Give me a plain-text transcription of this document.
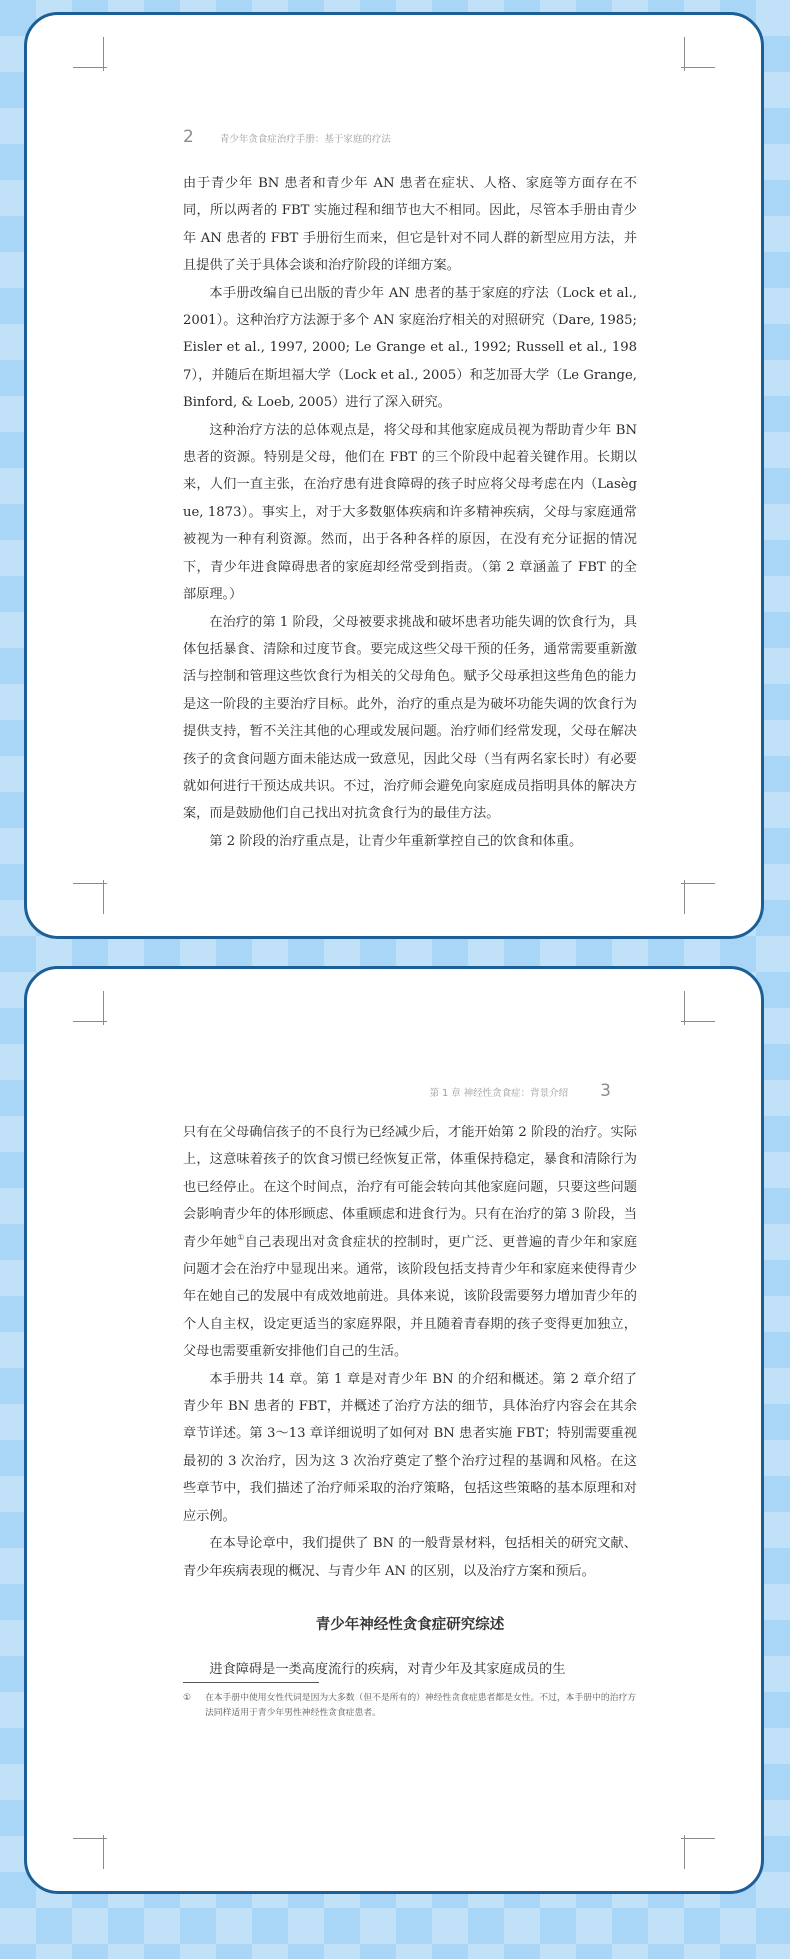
2	青少年贪食症治疗手册：基于家庭的疗法

由于青少年 BN 患者和青少年 AN 患者在症状、人格、家庭等方面存在不同，所以两者的 FBT 实施过程和细节也大不相同。因此，尽管本手册由青少年 AN 患者的 FBT 手册衍生而来，但它是针对不同人群的新型应用方法，并且提供了关于具体会谈和治疗阶段的详细方案。

本手册改编自已出版的青少年 AN 患者的基于家庭的疗法（Lock et al., 2001）。这种治疗方法源于多个 AN 家庭治疗相关的对照研究（Dare, 1985; Eisler et al., 1997, 2000; Le Grange et al., 1992; Russell et al., 1987），并随后在斯坦福大学（Lock et al., 2005）和芝加哥大学（Le Grange, Binford, & Loeb, 2005）进行了深入研究。

这种治疗方法的总体观点是，将父母和其他家庭成员视为帮助青少年 BN 患者的资源。特别是父母，他们在 FBT 的三个阶段中起着关键作用。长期以来，人们一直主张，在治疗患有进食障碍的孩子时应将父母考虑在内（Lasègue, 1873）。事实上，对于大多数躯体疾病和许多精神疾病，父母与家庭通常被视为一种有利资源。然而，出于各种各样的原因，在没有充分证据的情况下，青少年进食障碍患者的家庭却经常受到指责。（第 2 章涵盖了 FBT 的全部原理。）

在治疗的第 1 阶段，父母被要求挑战和破坏患者功能失调的饮食行为，具体包括暴食、清除和过度节食。要完成这些父母干预的任务，通常需要重新激活与控制和管理这些饮食行为相关的父母角色。赋予父母承担这些角色的能力是这一阶段的主要治疗目标。此外，治疗的重点是为破坏功能失调的饮食行为提供支持，暂不关注其他的心理或发展问题。治疗师们经常发现，父母在解决孩子的贪食问题方面未能达成一致意见，因此父母（当有两名家长时）有必要就如何进行干预达成共识。不过，治疗师会避免向家庭成员指明具体的解决方案，而是鼓励他们自己找出对抗贪食行为的最佳方法。

第 2 阶段的治疗重点是，让青少年重新掌控自己的饮食和体重。

第 1 章 神经性贪食症：背景介绍 3

只有在父母确信孩子的不良行为已经减少后，才能开始第 2 阶段的治疗。实际上，这意味着孩子的饮食习惯已经恢复正常，体重保持稳定，暴食和清除行为也已经停止。在这个时间点，治疗有可能会转向其他家庭问题，只要这些问题会影响青少年的体形顾虑、体重顾虑和进食行为。只有在治疗的第 3 阶段，当青少年她①自己表现出对贪食症状的控制时，更广泛、更普遍的青少年和家庭问题才会在治疗中显现出来。通常，该阶段包括支持青少年和家庭来使得青少年在她自己的发展中有成效地前进。具体来说，该阶段需要努力增加青少年的个人自主权，设定更适当的家庭界限，并且随着青春期的孩子变得更加独立，父母也需要重新安排他们自己的生活。

本手册共 14 章。第 1 章是对青少年 BN 的介绍和概述。第 2 章介绍了青少年 BN 患者的 FBT，并概述了治疗方法的细节，具体治疗内容会在其余章节详述。第 3～13 章详细说明了如何对 BN 患者实施 FBT；特别需要重视最初的 3 次治疗，因为这 3 次治疗奠定了整个治疗过程的基调和风格。在这些章节中，我们描述了治疗师采取的治疗策略，包括这些策略的基本原理和对应示例。

在本导论章中，我们提供了 BN 的一般背景材料，包括相关的研究文献、青少年疾病表现的概况、与青少年 AN 的区别，以及治疗方案和预后。

青少年神经性贪食症研究综述

进食障碍是一类高度流行的疾病，对青少年及其家庭成员的生

①	在本手册中使用女性代词是因为大多数（但不是所有的）神经性贪食症患者都是女性。不过，本手册中的治疗方法同样适用于青少年男性神经性贪食症患者。
